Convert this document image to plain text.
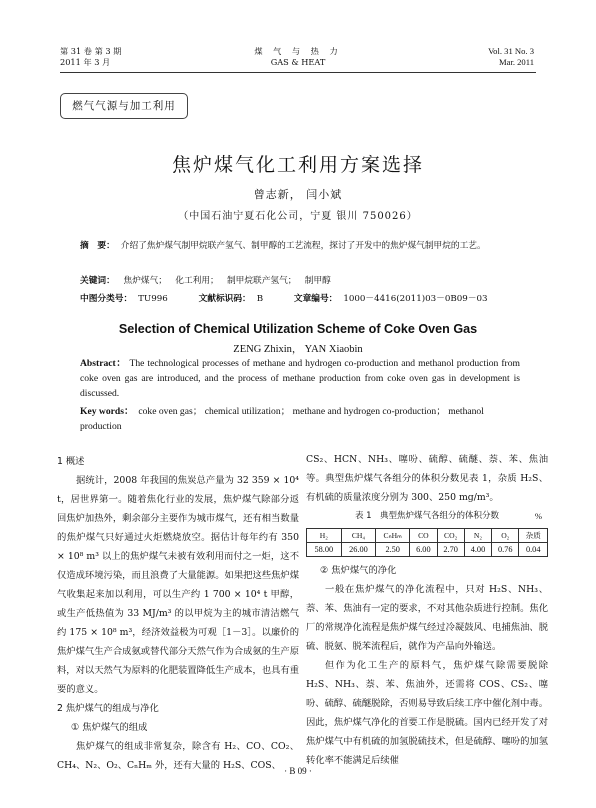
第 31 卷 第 3 期
2011 年 3 月
煤 气 与 热 力
GAS & HEAT
Vol. 31 No. 3
Mar. 2011
燃气气源与加工利用
焦炉煤气化工利用方案选择
曾志新， 闫小斌
（中国石油宁夏石化公司，宁夏 银川 750026）
摘　要： 介绍了焦炉煤气制甲烷联产氢气、制甲醇的工艺流程，探讨了开发中的焦炉煤气制甲烷的工艺。
关键词： 焦炉煤气； 化工利用； 制甲烷联产氢气； 制甲醇
中图分类号： TU996	文献标识码： B	文章编号： 1000－4416(2011)03－0B09－03
Selection of Chemical Utilization Scheme of Coke Oven Gas
ZENG Zhixin， YAN Xiaobin
Abstract： The technological processes of methane and hydrogen co-production and methanol production from coke oven gas are introduced, and the process of methane production from coke oven gas in development is discussed.
Key words： coke oven gas； chemical utilization； methane and hydrogen co-production； methanol production

1 概述

据统计，2008 年我国的焦炭总产量为 32 359 × 10⁴ t，居世界第一。随着焦化行业的发展，焦炉煤气除部分返回焦炉加热外，剩余部分主要作为城市煤气，还有相当数量的焦炉煤气只好通过火炬燃烧放空。据估计每年约有 350 × 10⁸ m³ 以上的焦炉煤气未被有效利用而付之一炬，这不仅造成环境污染，而且浪费了大量能源。如果把这些焦炉煤气收集起来加以利用，可以生产约 1 700 × 10⁴ t 甲醇，或生产低热值为 33 MJ/m³ 的以甲烷为主的城市清洁燃气约 175 × 10⁸ m³，经济效益极为可观［1－3］。以廉价的焦炉煤气生产合成氨或替代部分天然气作为合成氨的生产原料，对以天然气为原料的化肥装置降低生产成本，也具有重要的意义。

2 焦炉煤气的组成与净化

① 焦炉煤气的组成

焦炉煤气的组成非常复杂，除含有 H₂、CO、CO₂、CH₄、N₂、O₂、CₙHₘ 外，还有大量的 H₂S、COS、

CS₂、HCN、NH₃、噻吩、硫醇、硫醚、萘、苯、焦油等。典型焦炉煤气各组分的体积分数见表 1，杂质 H₂S、有机硫的质量浓度分别为 300、250 mg/m³。

表 1　典型焦炉煤气各组分的体积分数	%
H₂	CH₄	CₙHₘ	CO	CO₂	N₂	O₂	杂质
58.00	26.00	2.50	6.00	2.70	4.00	0.76	0.04

② 焦炉煤气的净化

一般在焦炉煤气的净化流程中，只对 H₂S、NH₃、萘、苯、焦油有一定的要求，不对其他杂质进行控制。焦化厂的常规净化流程是焦炉煤气经过冷凝鼓风、电捕焦油、脱硫、脱氨、脱苯流程后，就作为产品向外输送。

但作为化工生产的原料气，焦炉煤气除需要脱除 H₂S、NH₃、萘、苯、焦油外，还需将 COS、CS₂、噻吩、硫醇、硫醚脱除，否则易导致后续工序中催化剂中毒。因此，焦炉煤气净化的首要工作是脱硫。国内已经开发了对焦炉煤气中有机硫的加氢脱硫技术，但是硫醇、噻吩的加氢转化率不能满足后续催

· B 09 ·
